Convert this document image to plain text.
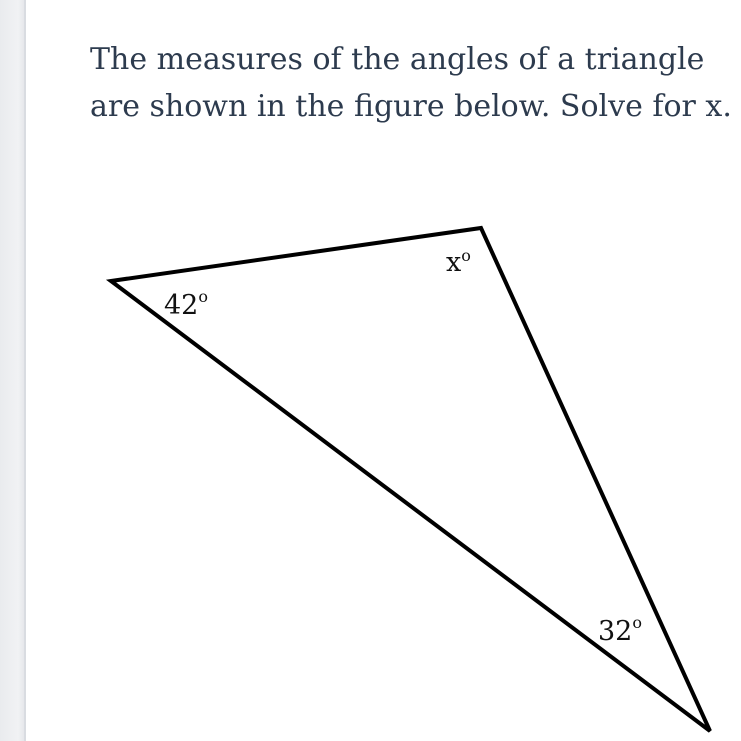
The measures of the angles of a triangle
are shown in the figure below. Solve for x.

42$^o$
$x^o$
32$^o$
